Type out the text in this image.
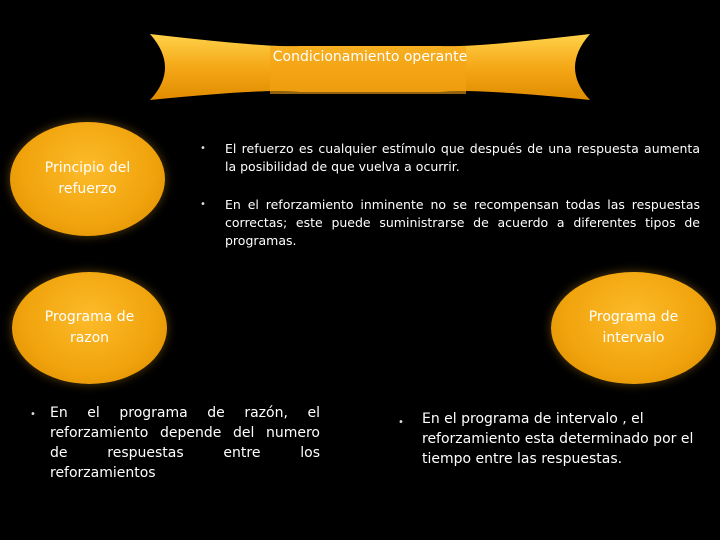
Condicionamiento operante
Principio del refuerzo
• El refuerzo es cualquier estímulo que después de una respuesta aumenta la posibilidad de que vuelva a ocurrir.
• En el reforzamiento inminente no se recompensan todas las respuestas correctas; este puede suministrarse de acuerdo a diferentes tipos de programas.
Programa de razon
Programa de intervalo
• En el programa de razón, el reforzamiento depende del numero de respuestas entre los reforzamientos
• En el programa de intervalo , el reforzamiento esta determinado por el tiempo entre las respuestas.
